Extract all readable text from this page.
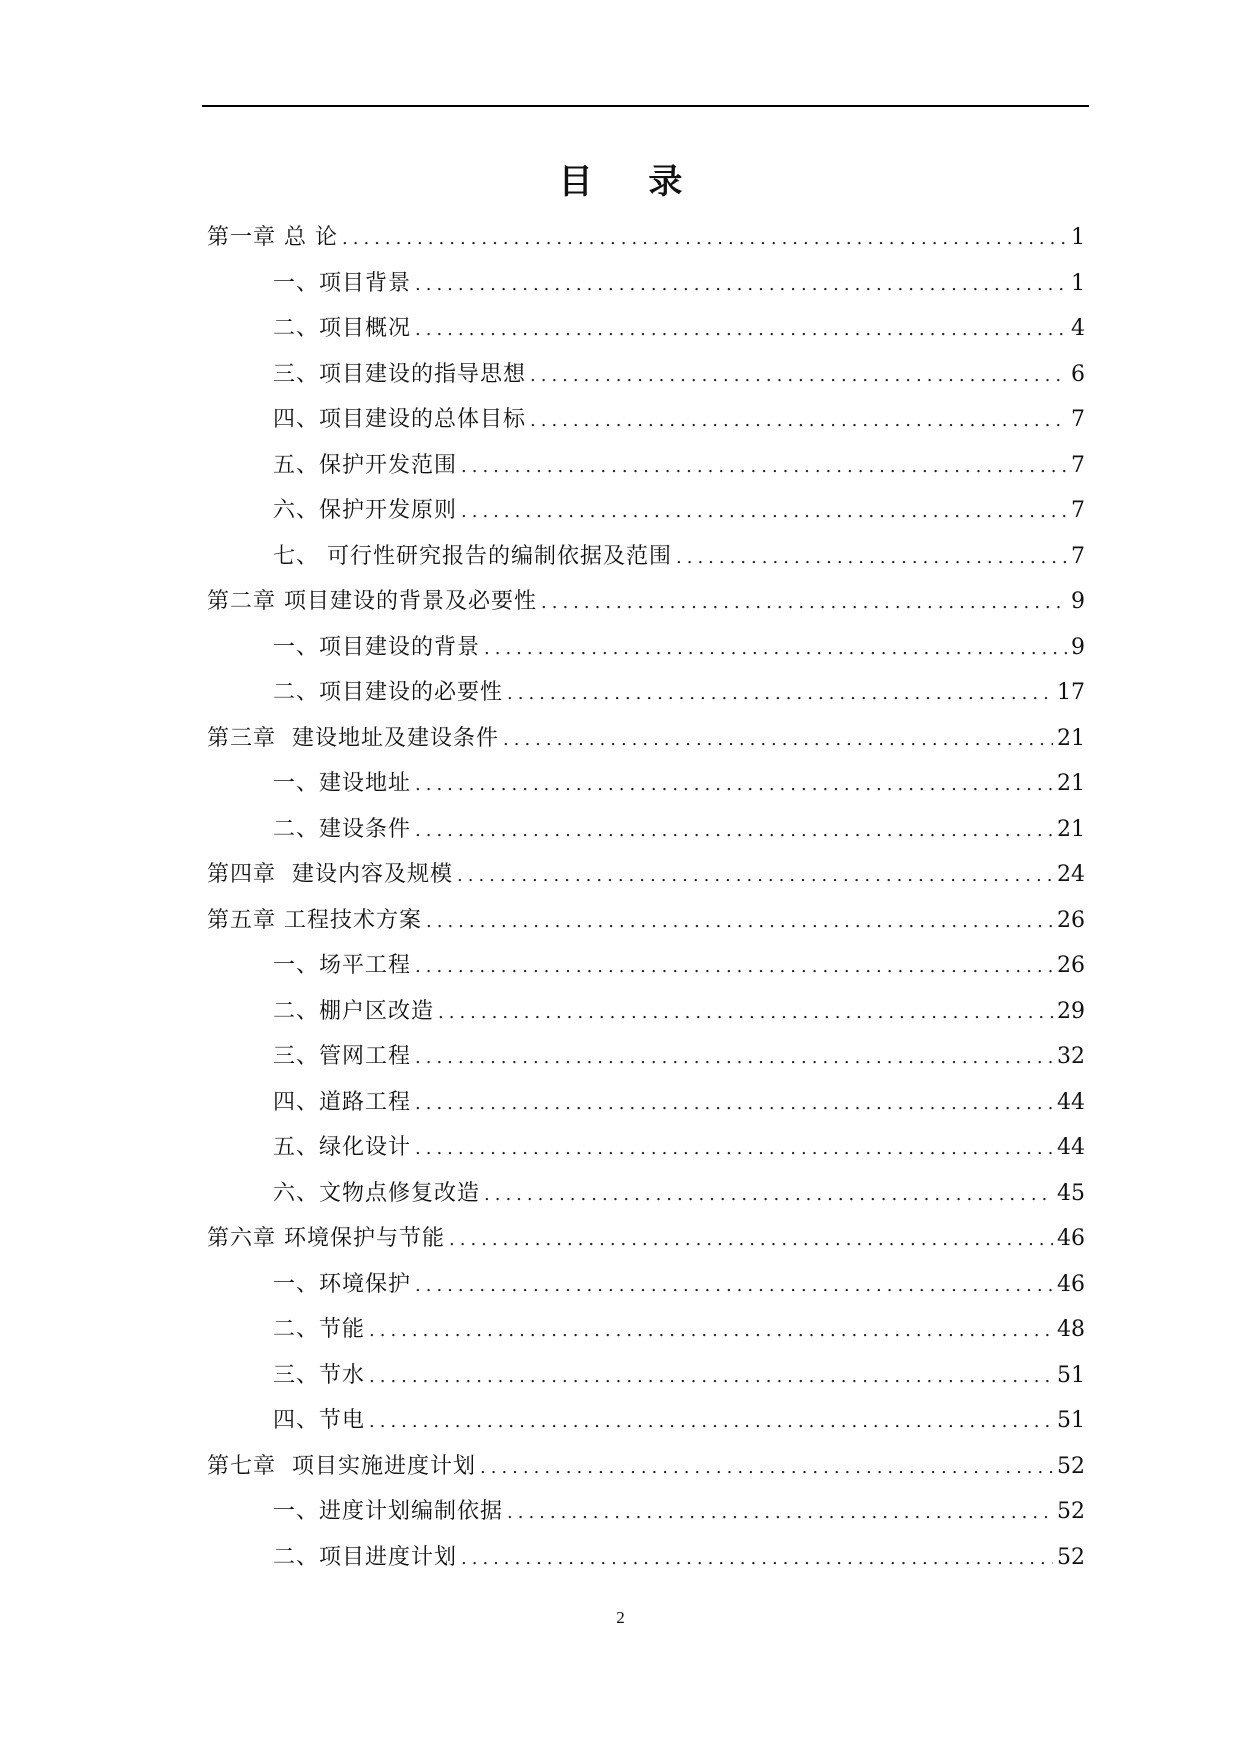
目 录
第一章 总 论 .....	1
一、项目背景 .....	1
二、项目概况 .....	4
三、项目建设的指导思想 .....	6
四、项目建设的总体目标 .....	7
五、保护开发范围 .....	7
六、保护开发原则 .....	7
七、 可行性研究报告的编制依据及范围 .....	7
第二章 项目建设的背景及必要性 .....	9
一、项目建设的背景 .....	9
二、项目建设的必要性 .....	17
第三章  建设地址及建设条件 .....	21
一、建设地址 .....	21
二、建设条件 .....	21
第四章  建设内容及规模 .....	24
第五章 工程技术方案 .....	26
一、场平工程 .....	26
二、棚户区改造 .....	29
三、管网工程 .....	32
四、道路工程 .....	44
五、绿化设计 .....	44
六、文物点修复改造 .....	45
第六章 环境保护与节能 .....	46
一、环境保护 .....	46
二、节能 .....	48
三、节水 .....	51
四、节电 .....	51
第七章  项目实施进度计划 .....	52
一、进度计划编制依据 .....	52
二、项目进度计划 .....	52
2
